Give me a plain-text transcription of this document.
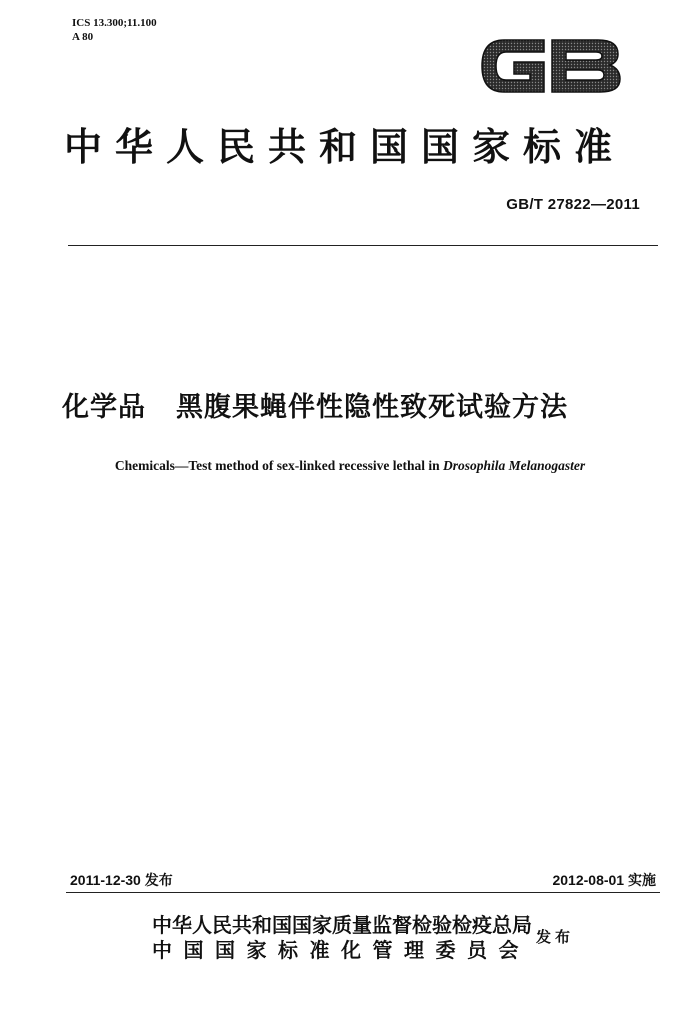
ICS 13.300;11.100
A 80
中华人民共和国国家标准
GB/T 27822—2011
化学品 黑腹果蝇伴性隐性致死试验方法
Chemicals—Test method of sex-linked recessive lethal in Drosophila Melanogaster
2011-12-30 发布	2012-08-01 实施
中华人民共和国国家质量监督检验检疫总局
中国国家标准化管理委员会
发布
